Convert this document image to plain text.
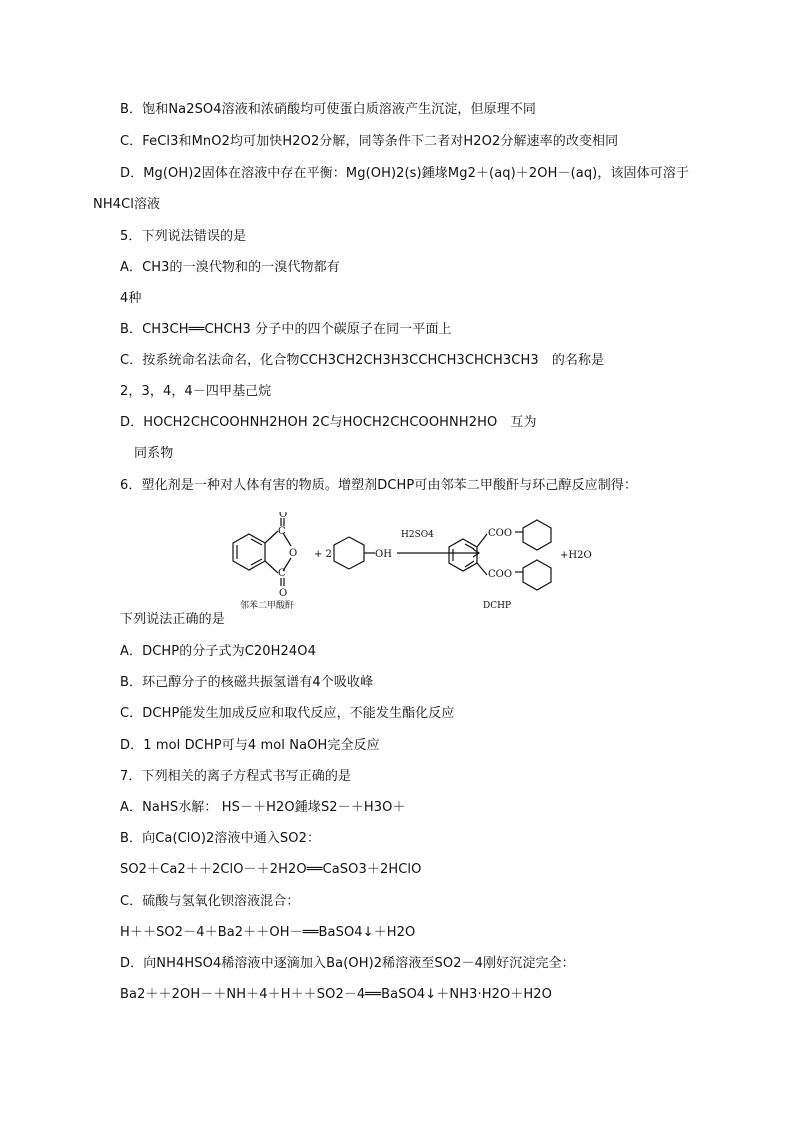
B．饱和Na2SO4溶液和浓硝酸均可使蛋白质溶液产生沉淀，但原理不同
C．FeCl3和MnO2均可加快H2O2分解，同等条件下二者对H2O2分解速率的改变相同
D．Mg(OH)2固体在溶液中存在平衡：Mg(OH)2(s)鍾堟Mg2＋(aq)＋2OH－(aq)，该固体可溶于
NH4Cl溶液
5．下列说法错误的是
A．CH3的一溴代物和的一溴代物都有
4种
B．CH3CH══CHCH3 分子中的四个碳原子在同一平面上
C．按系统命名法命名，化合物CCH3CH2CH3H3CCHCH3CHCH3CH3　的名称是
2，3，4，4－四甲基己烷
D．HOCH2CHCOOHNH2HOH 2C与HOCH2CHCOOHNH2HO　互为
同系物
6．塑化剂是一种对人体有害的物质。增塑剂DCHP可由邻苯二甲酸酐与环己醇反应制得：
O
C
O
C
O
+ 2	OH
H2SO4	COO
COO
+H2O
邻苯二甲酸酐	DCHP
下列说法正确的是
A．DCHP的分子式为C20H24O4
B．环己醇分子的核磁共振氢谱有4个吸收峰
C．DCHP能发生加成反应和取代反应，不能发生酯化反应
D．1 mol DCHP可与4 mol NaOH完全反应
7．下列相关的离子方程式书写正确的是
A．NaHS水解： HS－＋H2O鍾堟S2－＋H3O＋
B．向Ca(ClO)2溶液中通入SO2：
SO2＋Ca2＋＋2ClO－＋2H2O══CaSO3＋2HClO
C．硫酸与氢氧化钡溶液混合：
H＋＋SO2－4＋Ba2＋＋OH－══BaSO4↓＋H2O
D．向NH4HSO4稀溶液中逐滴加入Ba(OH)2稀溶液至SO2－4刚好沉淀完全：
Ba2＋＋2OH－＋NH＋4＋H＋＋SO2－4══BaSO4↓＋NH3·H2O＋H2O
